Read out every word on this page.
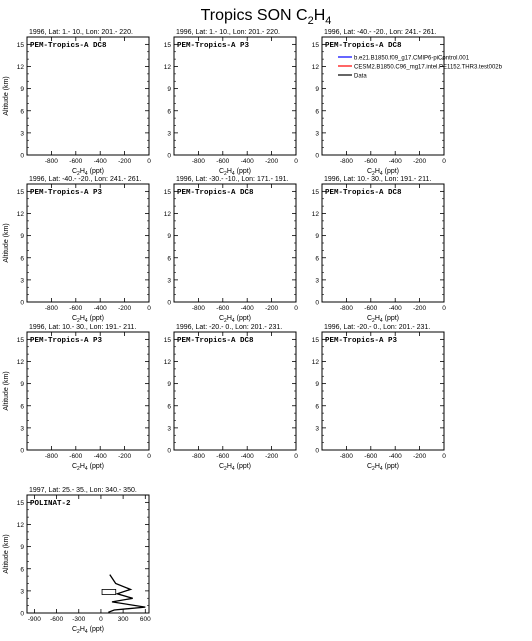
Tropics SON $C_2H_4$
1996, Lat: 1.- 10., Lon: 201.- 220.
PEM-Tropics-A DC8
0
3
6
9
12
15
-800 -600 -400 -200 0
Altitude (km)
$C_2H_4$ (ppt)
1996, Lat: 1.- 10., Lon: 201.- 220.
PEM-Tropics-A P3
0
3
6
9
12
15
-800 -600 -400 -200 0
$C_2H_4$ (ppt)
1996, Lat: -40.- -20., Lon: 241.- 261.
PEM-Tropics-A DC8
0
3
6
9
12
15
-800 -600 -400 -200 0
$C_2H_4$ (ppt)
b.e21.B1850.f09_g17.CMIP6-piControl.001
CESM2.B1850.C96_mg17.intel.PE1152.THR3.test002b
Data
1996, Lat: -40.- -20., Lon: 241.- 261.
PEM-Tropics-A P3
0
3
6
9
12
15
-800 -600 -400 -200 0
Altitude (km)
$C_2H_4$ (ppt)
1996, Lat: -30.- -10., Lon: 171.- 191.
PEM-Tropics-A DC8
0
3
6
9
12
15
-800 -600 -400 -200 0
$C_2H_4$ (ppt)
1996, Lat: 10.- 30., Lon: 191.- 211.
PEM-Tropics-A DC8
0
3
6
9
12
15
-800 -600 -400 -200 0
$C_2H_4$ (ppt)
1996, Lat: 10.- 30., Lon: 191.- 211.
PEM-Tropics-A P3
0
3
6
9
12
15
-800 -600 -400 -200 0
Altitude (km)
$C_2H_4$ (ppt)
1996, Lat: -20.- 0., Lon: 201.- 231.
PEM-Tropics-A DC8
0
3
6
9
12
15
-800 -600 -400 -200 0
$C_2H_4$ (ppt)
1996, Lat: -20.- 0., Lon: 201.- 231.
PEM-Tropics-A P3
0
3
6
9
12
15
-800 -600 -400 -200 0
$C_2H_4$ (ppt)
1997, Lat: 25.- 35., Lon: 340.- 350.
POLINAT-2
0
3
6
9
12
15
-900 -600 -300 0 300 600
Altitude (km)
$C_2H_4$ (ppt)
